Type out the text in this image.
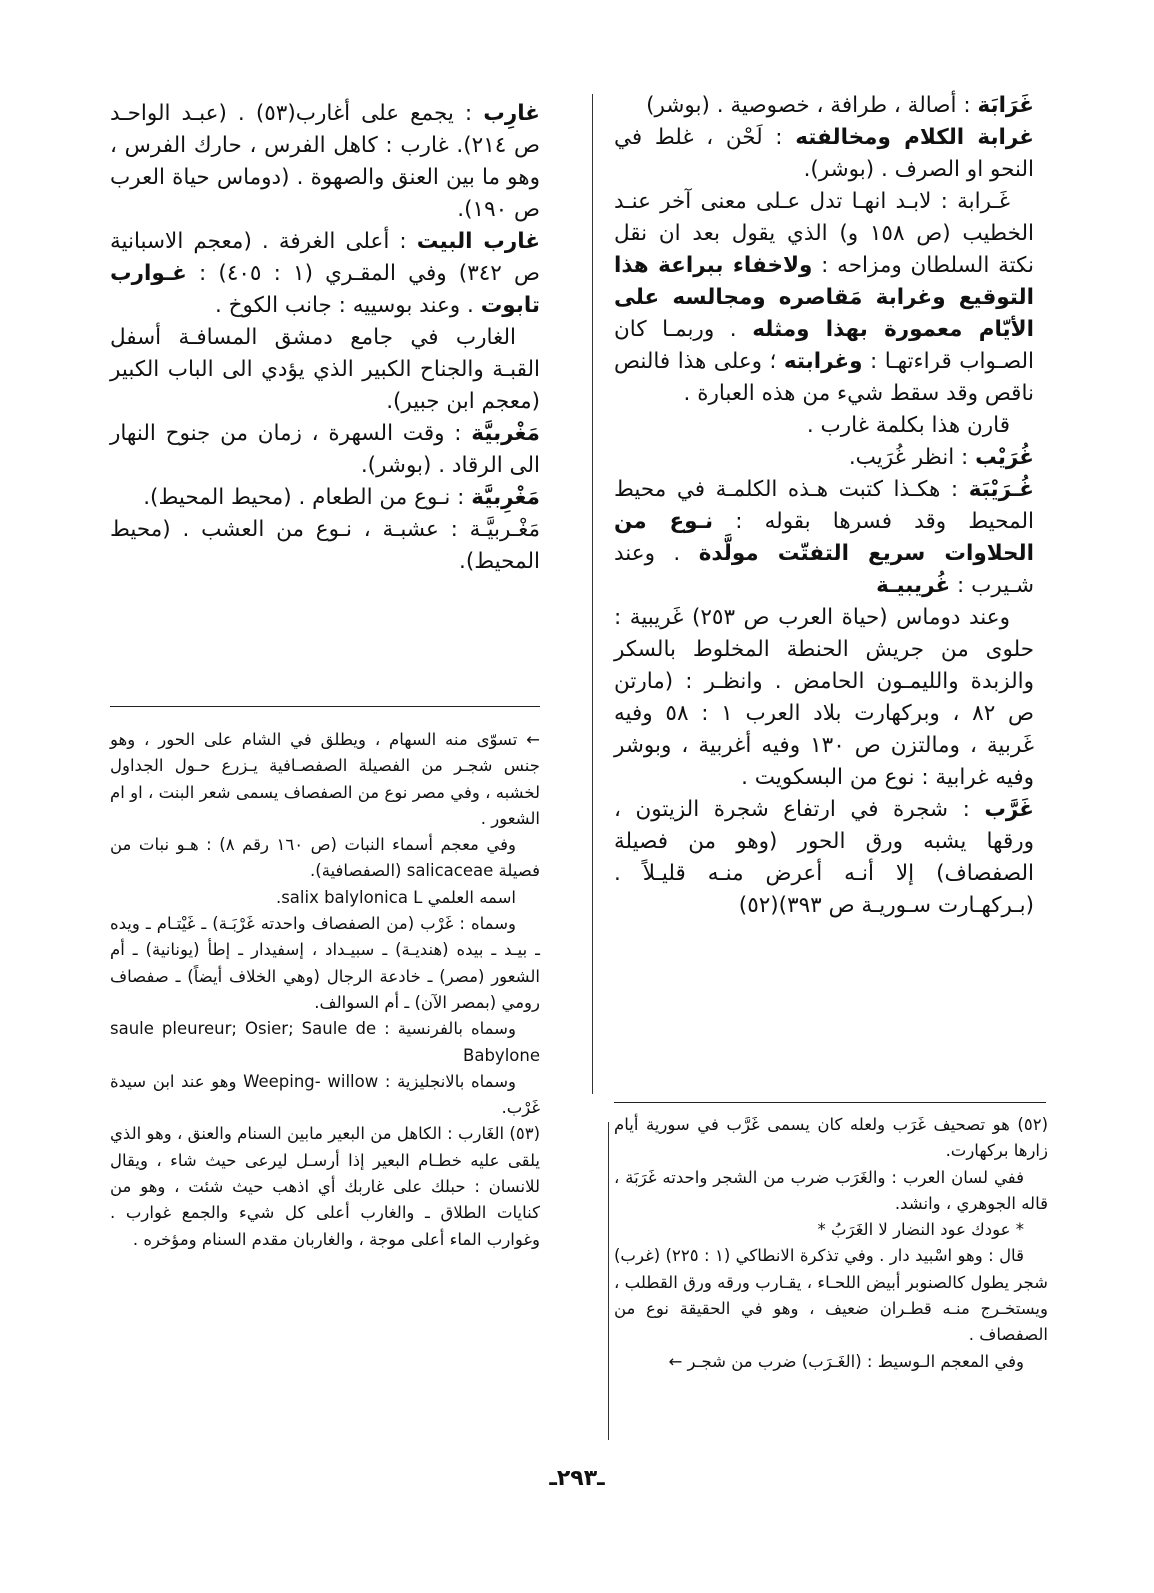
غَرَابَة : أصالة ، طرافة ، خصوصية . (بوشر)

غرابة الكلام ومخالفته : لَحْن ، غلط في النحو او الصرف . (بوشر).

غَـرابة : لابـد انهـا تدل عـلى معنى آخر عنـد الخطيب (ص ١٥٨ و) الذي يقول بعد ان نقل نكتة السلطان ومزاحه : ولاخفاء ببراعة هذا التوقيع وغرابة مَقاصره ومجالسه على الأيّام معمورة بهذا ومثله . وربمـا كان الصـواب قراءتهـا : وغرابته ؛ وعلى هذا فالنص ناقص وقد سقط شيء من هذه العبارة .

قارن هذا بكلمة غارب .

غُرَيْب : انظر غُرَيب.

غُـرَيْبَة : هكـذا كتبت هـذه الكلمـة في محيط المحيط وقد فسرها بقوله : نـوع من الحلاوات سريع التفتّت مولَّدة . وعند شـيرب : غُريبيـة

وعند دوماس (حياة العرب ص ٢٥٣) غَريبية : حلوى من جريش الحنطة المخلوط بالسكر والزبدة والليمـون الحامض . وانظـر : (مارتن ص ٨٢ ، وبركهارت بلاد العرب ١ : ٥٨ وفيه غَربية ، ومالتزن ص ١٣٠ وفيه أغربية ، وبوشر وفيه غرابية : نوع من البسكويت .

غَرَّب : شجرة في ارتفاع شجرة الزيتون ، ورقها يشبه ورق الحور (وهو من فصيلة الصفصاف) إلا أنـه أعرض منـه قليـلاً . (بـركهـارت سـوريـة ص ٣٩٣)(٥٢)

غارِب : يجمع على أغارب(٥٣) . (عبـد الواحـد ص ٢١٤). غارب : كاهل الفرس ، حارك الفرس ، وهو ما بين العنق والصهوة . (دوماس حياة العرب ص ١٩٠).

غارب البيت : أعلى الغرفة . (معجم الاسبانية ص ٣٤٢) وفي المقـري (١ : ٤٠٥) : غـوارب تابوت . وعند بوسييه : جانب الكوخ .

الغارب في جامع دمشق المسافـة أسفل القبـة والجناح الكبير الذي يؤدي الى الباب الكبير (معجم ابن جبير).

مَغْربيَّة : وقت السهرة ، زمان من جنوح النهار الى الرقاد . (بوشر).

مَغْرِبيَّة : نـوع من الطعام . (محيط المحيط).

مَغْـربيَّـة : عشبـة ، نـوع من العشب . (محيط المحيط).

← تسوّى منه السهام ، ويطلق في الشام على الحور ، وهو جنس شجـر من الفصيلة الصفصـافية يـزرع حـول الجداول لخشبه ، وفي مصر نوع من الصفصاف يسمى شعر البنت ، او ام الشعور .

وفي معجم أسماء النبات (ص ١٦٠ رقم ٨) : هـو نبات من فصيلة salicaceae (الصفصافية).

اسمه العلمي salix balylonica L.

وسماه : غَرْب (من الصفصاف واحدته غَرْبَـة) ـ غَيْتـام ـ ويده ـ بيـد ـ بيده (هنديـة) ـ سبيـداد ، إسفيدار ـ إطأ (يونانية) ـ أم الشعور (مصر) ـ خادعة الرجال (وهي الخلاف أيضاً) ـ صفصاف رومي (بمصر الآن) ـ أم السوالف.

وسماه بالفرنسية : saule pleureur; Osier; Saule de Babylone

وسماه بالانجليزية : Weeping- willow وهو عند ابن سيدة غَرْب.

(٥٣) الغَارب : الكاهل من البعير مابين السنام والعنق ، وهو الذي يلقى عليه خطـام البعير إذا أرسـل ليرعى حيث شاء ، ويقال للانسان : حبلك على غاربك أي اذهب حيث شئت ، وهو من كنايات الطلاق ـ والغارب أعلى كل شيء والجمع غوارب . وغوارب الماء أعلى موجة ، والغاربان مقدم السنام ومؤخره .

(٥٢) هو تصحيف غَرَب ولعله كان يسمى غَرَّب في سورية أيام زارها بركهارت.

ففي لسان العرب : والغَرَب ضرب من الشجر واحدته غَرَبَة ، قاله الجوهري ، وانشد.

* عودك عود النضار لا الغَرَبُ *

قال : وهو اسْبيد دار . وفي تذكرة الانطاكي (١ : ٢٢٥) (غرب) شجر يطول كالصنوبر أبيض اللحـاء ، يقـارب ورقه ورق القطلب ، ويستخـرج منـه قطـران ضعيف ، وهو في الحقيقة نوع من الصفصاف .

وفي المعجم الـوسيط : (الغَـرَب) ضرب من شجـر ←

ـ٢٩٣ـ
